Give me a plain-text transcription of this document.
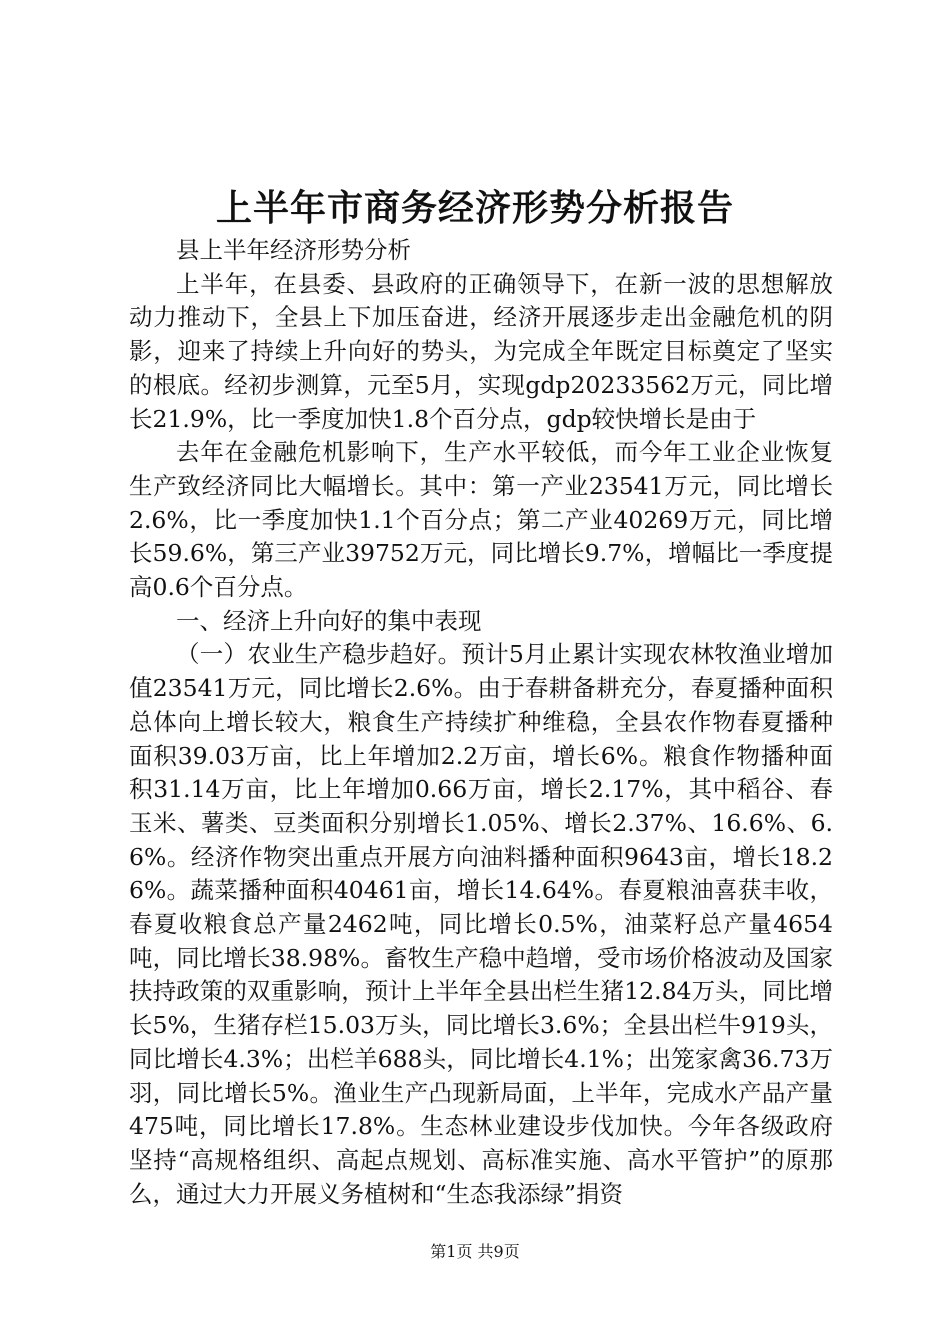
上半年市商务经济形势分析报告

县上半年经济形势分析

上半年，在县委、县政府的正确领导下，在新一波的思想解放动力推动下，全县上下加压奋进，经济开展逐步走出金融危机的阴影，迎来了持续上升向好的势头，为完成全年既定目标奠定了坚实的根底。经初步测算，元至5月，实现gdp20233562万元，同比增长21.9%，比一季度加快1.8个百分点，gdp较快增长是由于

去年在金融危机影响下，生产水平较低，而今年工业企业恢复生产致经济同比大幅增长。其中：第一产业23541万元，同比增长2.6%，比一季度加快1.1个百分点；第二产业40269万元，同比增长59.6%，第三产业39752万元，同比增长9.7%，增幅比一季度提高0.6个百分点。

一、经济上升向好的集中表现

（一）农业生产稳步趋好。预计5月止累计实现农林牧渔业增加值23541万元，同比增长2.6%。由于春耕备耕充分，春夏播种面积总体向上增长较大，粮食生产持续扩种维稳，全县农作物春夏播种面积39.03万亩，比上年增加2.2万亩，增长6%。粮食作物播种面积31.14万亩，比上年增加0.66万亩，增长2.17%，其中稻谷、春玉米、薯类、豆类面积分别增长1.05%、增长2.37%、16.6%、6.6%。经济作物突出重点开展方向油料播种面积9643亩，增长18.26%。蔬菜播种面积40461亩，增长14.64%。春夏粮油喜获丰收，春夏收粮食总产量2462吨，同比增长0.5%，油菜籽总产量4654吨，同比增长38.98%。畜牧生产稳中趋增，受市场价格波动及国家扶持政策的双重影响，预计上半年全县出栏生猪12.84万头，同比增长5%，生猪存栏15.03万头，同比增长3.6%；全县出栏牛919头，同比增长4.3%；出栏羊688头，同比增长4.1%；出笼家禽36.73万羽，同比增长5%。渔业生产凸现新局面，上半年，完成水产品产量475吨，同比增长17.8%。生态林业建设步伐加快。今年各级政府坚持“高规格组织、高起点规划、高标准实施、高水平管护”的原那么，通过大力开展义务植树和“生态我添绿”捐资

第1页 共9页
